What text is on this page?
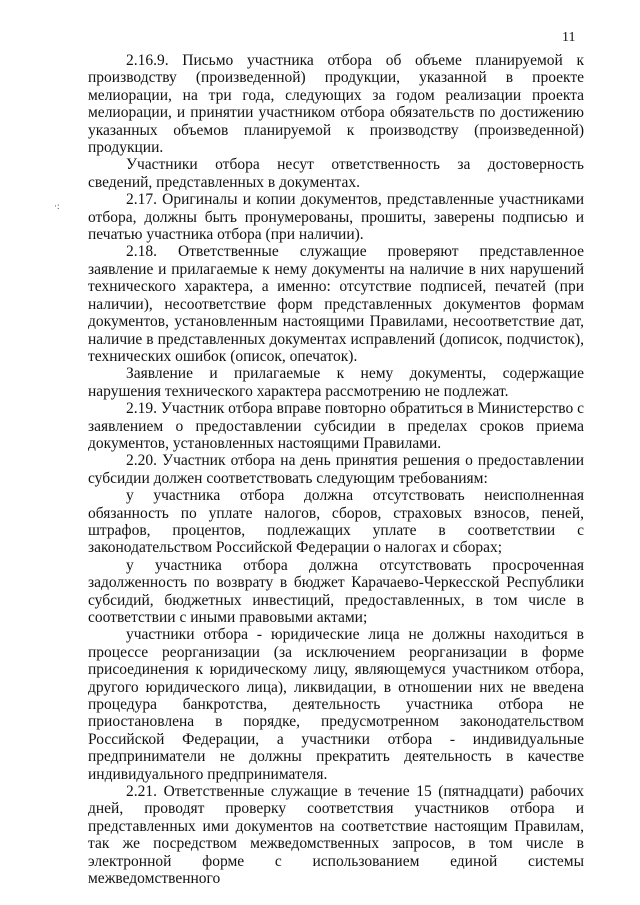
11
·:

2.16.9. Письмо участника отбора об объеме планируемой к производству (произведенной) продукции, указанной в проекте мелиорации, на три года, следующих за годом реализации проекта мелиорации, и принятии участником отбора обязательств по достижению указанных объемов планируемой к производству (произведенной) продукции.

Участники отбора несут ответственность за достоверность сведений, представленных в документах.

2.17. Оригиналы и копии документов, представленные участниками отбора, должны быть пронумерованы, прошиты, заверены подписью и печатью участника отбора (при наличии).

2.18. Ответственные служащие проверяют представленное заявление и прилагаемые к нему документы на наличие в них нарушений технического характера, а именно: отсутствие подписей, печатей (при наличии), несоответствие форм представленных документов формам документов, установленным настоящими Правилами, несоответствие дат, наличие в представленных документах исправлений (дописок, подчисток), технических ошибок (описок, опечаток).

Заявление и прилагаемые к нему документы, содержащие нарушения технического характера рассмотрению не подлежат.

2.19. Участник отбора вправе повторно обратиться в Министерство с заявлением о предоставлении субсидии в пределах сроков приема документов, установленных настоящими Правилами.

2.20. Участник отбора на день принятия решения о предоставлении субсидии должен соответствовать следующим требованиям:

у участника отбора должна отсутствовать неисполненная обязанность по уплате налогов, сборов, страховых взносов, пеней, штрафов, процентов, подлежащих уплате в соответствии с законодательством Российской Федерации о налогах и сборах;

у участника отбора должна отсутствовать просроченная задолженность по возврату в бюджет Карачаево-Черкесской Республики субсидий, бюджетных инвестиций, предоставленных, в том числе в соответствии с иными правовыми актами;

участники отбора - юридические лица не должны находиться в процессе реорганизации (за исключением реорганизации в форме присоединения к юридическому лицу, являющемуся участником отбора, другого юридического лица), ликвидации, в отношении них не введена процедура банкротства, деятельность участника отбора не приостановлена в порядке, предусмотренном законодательством Российской Федерации, а участники отбора - индивидуальные предприниматели не должны прекратить деятельность в качестве индивидуального предпринимателя.

2.21. Ответственные служащие в течение 15 (пятнадцати) рабочих дней, проводят проверку соответствия участников отбора и представленных ими документов на соответствие настоящим Правилам, так же посредством межведомственных запросов, в том числе в электронной форме с использованием единой системы межведомственного
